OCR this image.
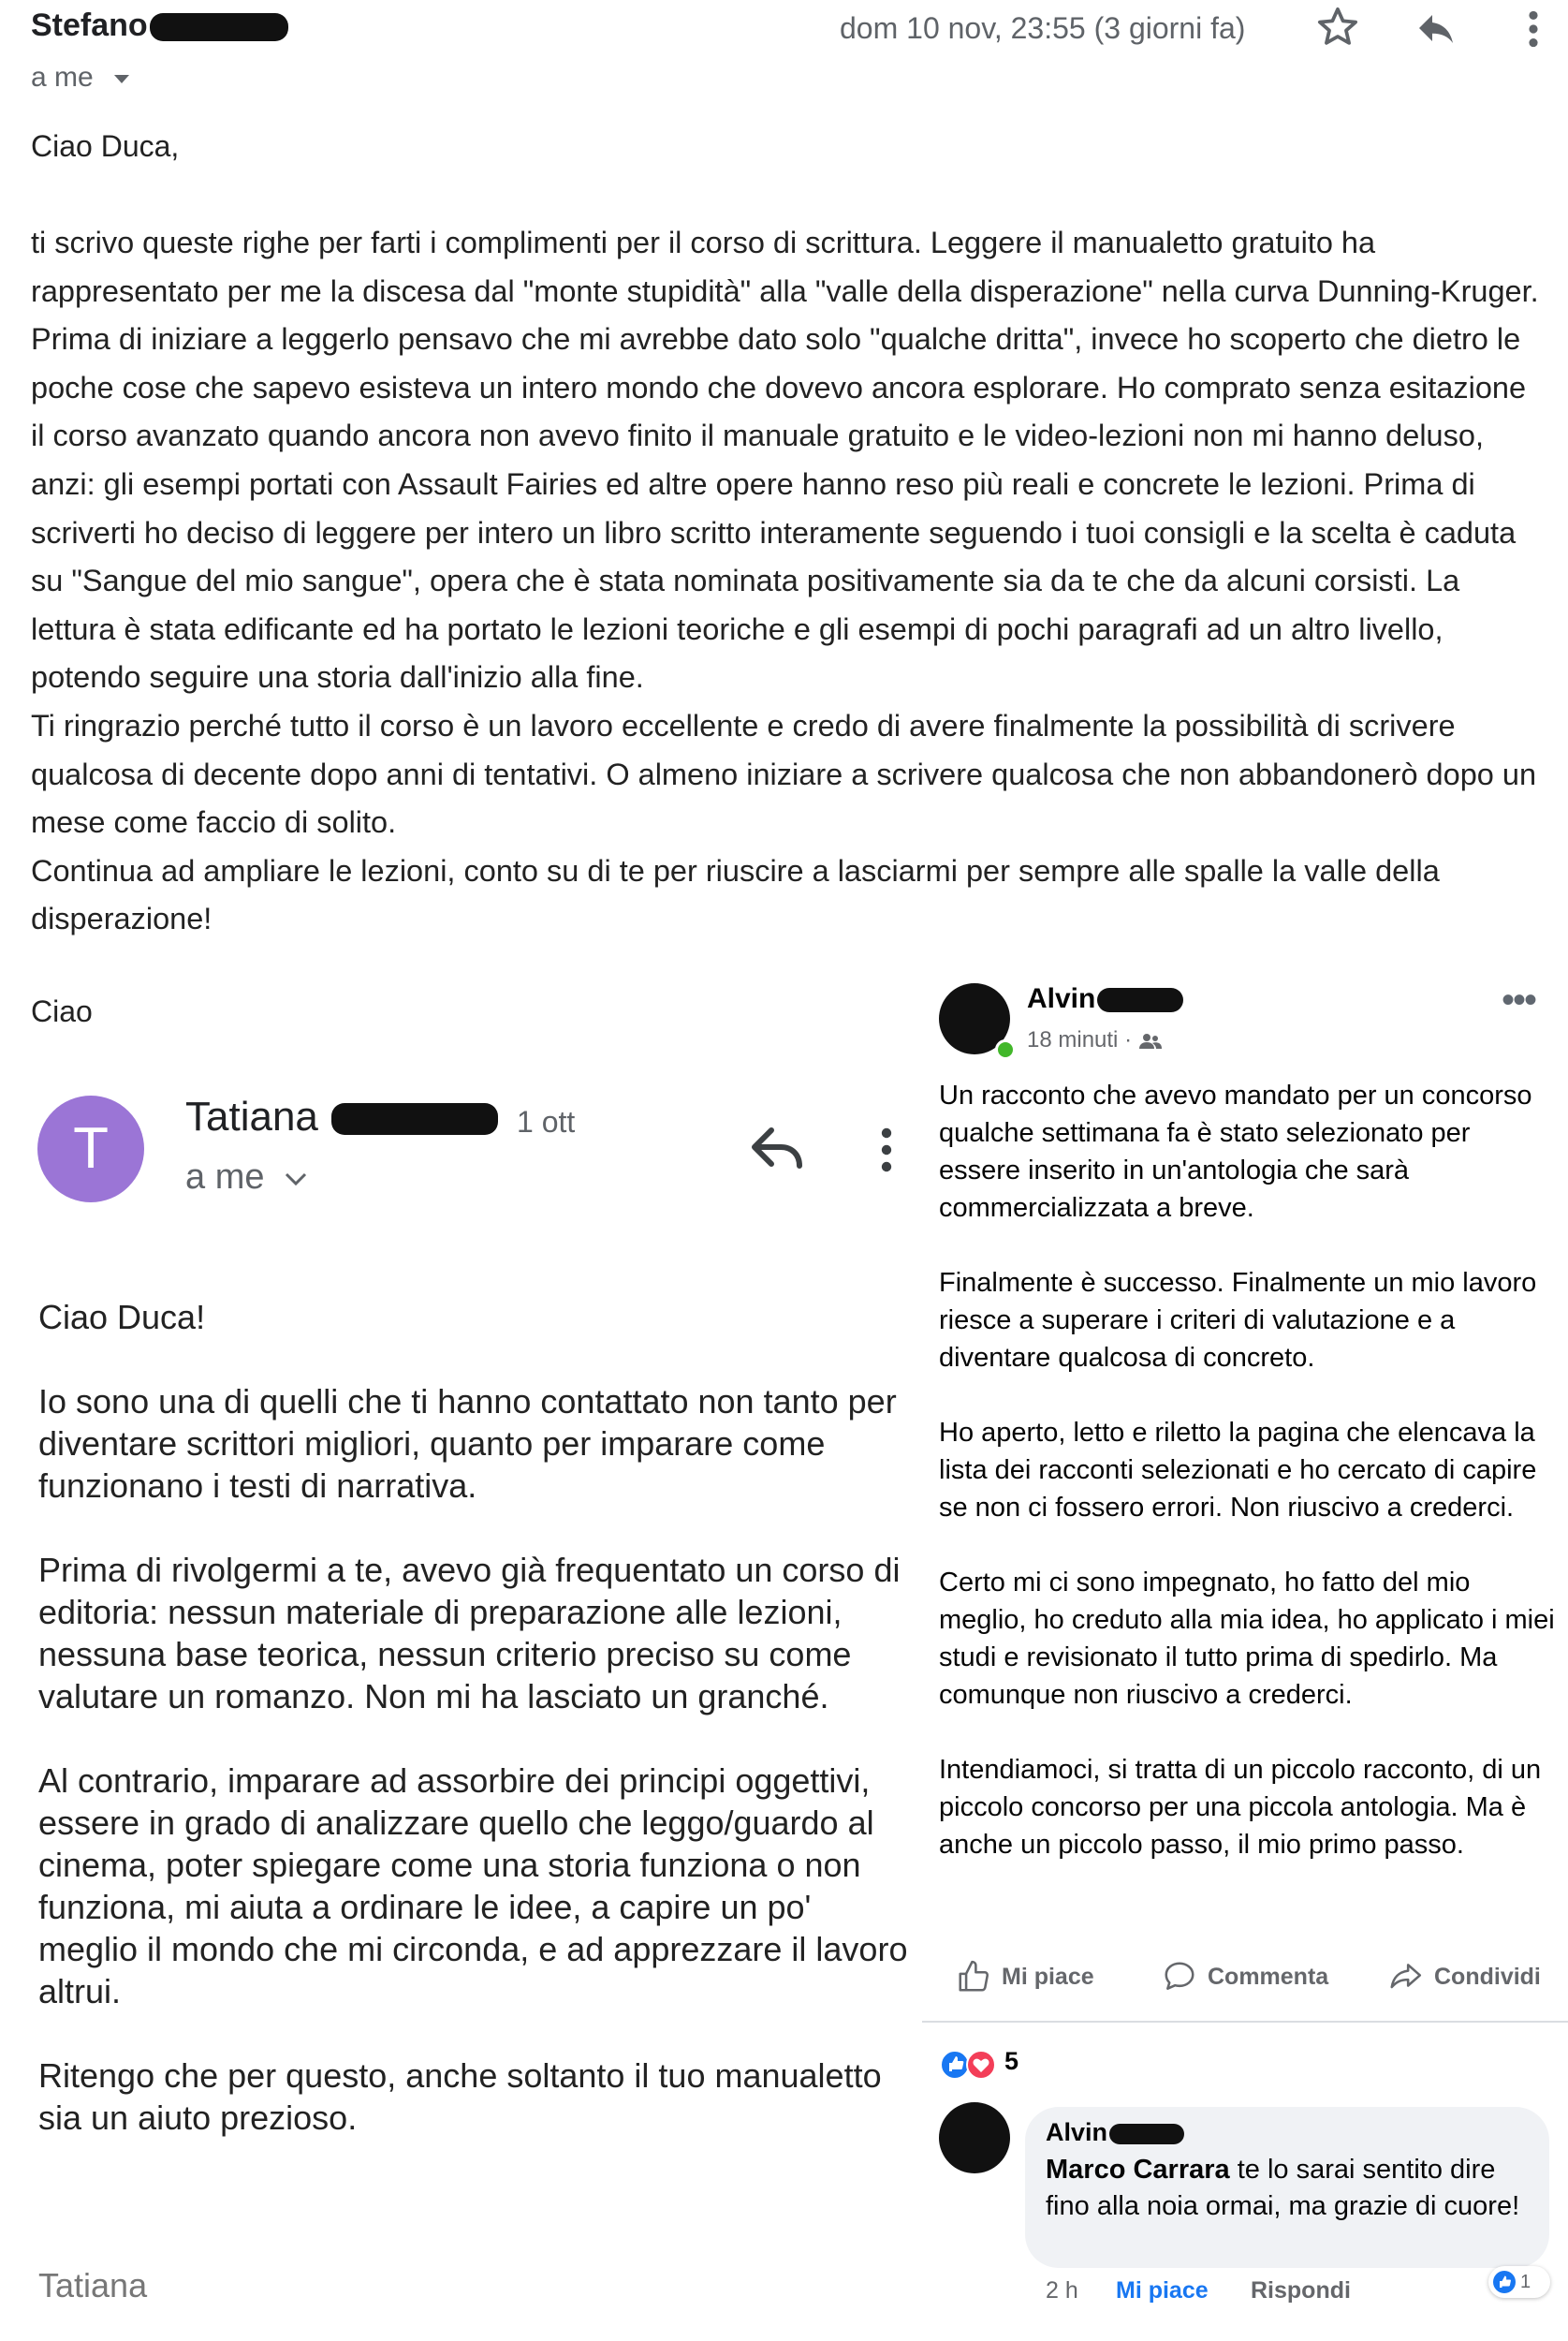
Stefano	dom 10 nov, 23:55 (3 giorni fa)
a me
Ciao Duca,

ti scrivo queste righe per farti i complimenti per il corso di scrittura. Leggere il manualetto gratuito ha rappresentato per me la discesa dal "monte stupidità" alla "valle della disperazione" nella curva Dunning-Kruger. Prima di iniziare a leggerlo pensavo che mi avrebbe dato solo "qualche dritta", invece ho scoperto che dietro le poche cose che sapevo esisteva un intero mondo che dovevo ancora esplorare. Ho comprato senza esitazione il corso avanzato quando ancora non avevo finito il manuale gratuito e le video-lezioni non mi hanno deluso, anzi: gli esempi portati con Assault Fairies ed altre opere hanno reso più reali e concrete le lezioni. Prima di scriverti ho deciso di leggere per intero un libro scritto interamente seguendo i tuoi consigli e la scelta è caduta su "Sangue del mio sangue", opera che è stata nominata positivamente sia da te che da alcuni corsisti. La lettura è stata edificante ed ha portato le lezioni teoriche e gli esempi di pochi paragrafi ad un altro livello, potendo seguire una storia dall'inizio alla fine.

Ti ringrazio perché tutto il corso è un lavoro eccellente e credo di avere finalmente la possibilità di scrivere qualcosa di decente dopo anni di tentativi. O almeno iniziare a scrivere qualcosa che non abbandonerò dopo un mese come faccio di solito.

Continua ad ampliare le lezioni, conto su di te per riuscire a lasciarmi per sempre alle spalle la valle della disperazione!

Ciao
T	Tatiana	1 ott
a me

Ciao Duca!

Io sono una di quelli che ti hanno contattato non tanto per diventare scrittori migliori, quanto per imparare come funzionano i testi di narrativa.

Prima di rivolgermi a te, avevo già frequentato un corso di editoria: nessun materiale di preparazione alle lezioni, nessuna base teorica, nessun criterio preciso su come valutare un romanzo. Non mi ha lasciato un granché.

Al contrario, imparare ad assorbire dei principi oggettivi, essere in grado di analizzare quello che leggo/guardo al cinema, poter spiegare come una storia funziona o non funziona, mi aiuta a ordinare le idee, a capire un po' meglio il mondo che mi circonda, e ad apprezzare il lavoro altrui.

Ritengo che per questo, anche soltanto il tuo manualetto sia un aiuto prezioso.

Tatiana
Alvin
18 minuti ·
•••

Un racconto che avevo mandato per un concorso qualche settimana fa è stato selezionato per essere inserito in un'antologia che sarà commercializzata a breve.

Finalmente è successo. Finalmente un mio lavoro riesce a superare i criteri di valutazione e a diventare qualcosa di concreto.

Ho aperto, letto e riletto la pagina che elencava la lista dei racconti selezionati e ho cercato di capire se non ci fossero errori. Non riuscivo a crederci.

Certo mi ci sono impegnato, ho fatto del mio meglio, ho creduto alla mia idea, ho applicato i miei studi e revisionato il tutto prima di spedirlo. Ma comunque non riuscivo a crederci.

Intendiamoci, si tratta di un piccolo racconto, di un piccolo concorso per una piccola antologia. Ma è anche un piccolo passo, il mio primo passo.

Mi piace	Commenta	Condividi
5
Alvin
Marco Carrara te lo sarai sentito dire fino alla noia ormai, ma grazie di cuore!
2 h Mi piace Rispondi	1
